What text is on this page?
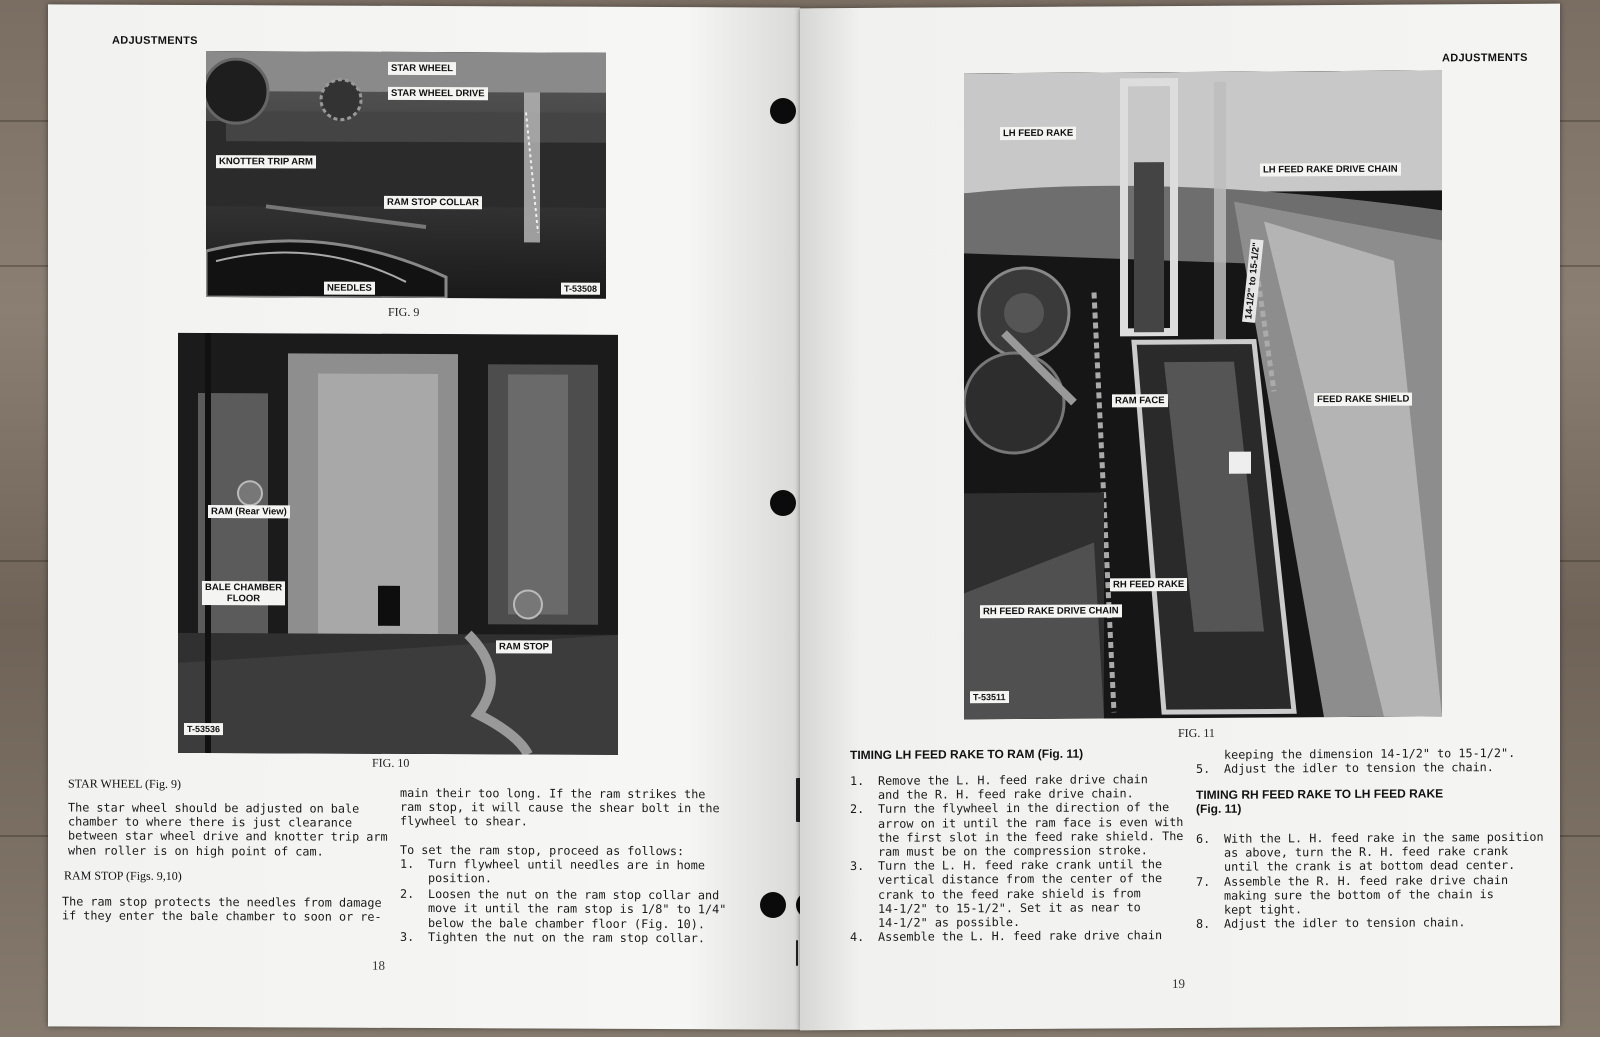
ADJUSTMENTS
STAR WHEEL
STAR WHEEL DRIVE
KNOTTER TRIP ARM
RAM STOP COLLAR
NEEDLES	T-53508
FIG. 9
RAM (Rear View)
BALE CHAMBER
FLOOR
RAM STOP
T-53536
FIG. 10
STAR WHEEL (Fig. 9)

The star wheel should be adjusted on bale

chamber to where there is just clearance

between star wheel drive and knotter trip arm

when roller is on high point of cam.

RAM STOP (Figs. 9,10)

The ram stop protects the needles from damage

if they enter the bale chamber to soon or re-

main their too long. If the ram strikes the

ram stop, it will cause the shear bolt in the

flywheel to shear.

To set the ram stop, proceed as follows:

1. Turn flywheel until needles are in home

position.

2. Loosen the nut on the ram stop collar and

move it until the ram stop is 1/8" to 1/4"

below the bale chamber floor (Fig. 10).

3. Tighten the nut on the ram stop collar.

18
ADJUSTMENTS
LH FEED RAKE
LH FEED RAKE DRIVE CHAIN
14-1/2" to 15-1/2"
RAM FACE	FEED RAKE SHIELD
RH FEED RAKE
RH FEED RAKE DRIVE CHAIN
T-53511
FIG. 11
TIMING LH FEED RAKE TO RAM (Fig. 11)
1. Remove the L. H. feed rake drive chain

and the R. H. feed rake drive chain.

2. Turn the flywheel in the direction of the

arrow on it until the ram face is even with

the first slot in the feed rake shield. The

ram must be on the compression stroke.

3. Turn the L. H. feed rake crank until the

vertical distance from the center of the

crank to the feed rake shield is from

14-1/2" to 15-1/2". Set it as near to

14-1/2" as possible.

4. Assemble the L. H. feed rake drive chain

keeping the dimension 14-1/2" to 15-1/2".

5. Adjust the idler to tension the chain.

TIMING RH FEED RAKE TO LH FEED RAKE
(Fig. 11)
6. With the L. H. feed rake in the same position

as above, turn the R. H. feed rake crank

until the crank is at bottom dead center.

7. Assemble the R. H. feed rake drive chain

making sure the bottom of the chain is

kept tight.

8. Adjust the idler to tension chain.

19
